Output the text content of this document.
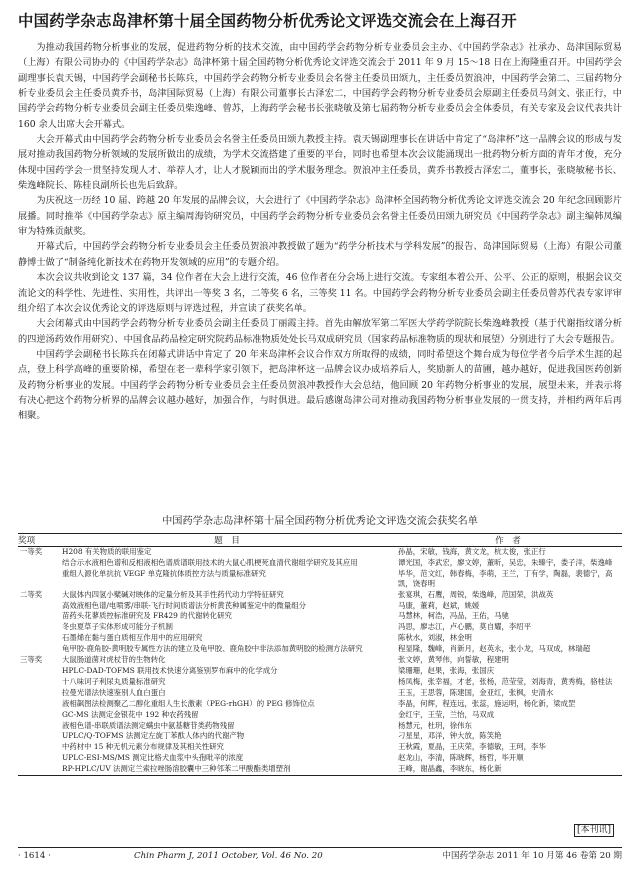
中国药学杂志岛津杯第十届全国药物分析优秀论文评选交流会在上海召开

为推动我国药物分析事业的发展，促进药物分析的技术交流，由中国药学会药物分析专业委员会主办、《中国药学杂志》社承办、岛津国际贸易（上海）有限公司协办的《中国药学杂志》岛津杯第十届全国药物分析优秀论文评选交流会于 2011 年 9 月 15～18 日在上海隆重召开。中国药学会副理事长袁天锡，中国药学会副秘书长陈兵，中国药学会药物分析专业委员会名誉主任委员田颂九，主任委员贺浪冲，中国药学会第二、三届药物分析专业委员会主任委员黄乔书，岛津国际贸易（上海）有限公司董事长古泽宏二，中国药学会药物分析专业委员会原副主任委员马剑文、张正行，中国药学会药物分析专业委员会副主任委员柴逸峰、曾苏，上海药学会秘书长张晓敏及第七届药物分析专业委员会全体委员，有关专家及会议代表共计 160 余人出席大会开幕式。

大会开幕式由中国药学会药物分析专业委员会名誉主任委员田颂九教授主持。袁天锡副理事长在讲话中肯定了“岛津杯”这一品牌会议的形成与发展对推动我国药物分析领域的发展所做出的成绩，为学术交流搭建了重要的平台，同时也希望本次会议能涌现出一批药物分析方面的青年才俊，充分体现中国药学会一贯坚持发现人才、举荐人才，让人才脱颖而出的学术服务理念。贺浪冲主任委员，黄乔书教授古泽宏二，董事长，张晓敏秘书长、柴逸峰院长、陈桂良副所长也先后致辞。

为庆祝这一历经 10 届、跨越 20 年发展的品牌会议，大会进行了《中国药学杂志》岛津杯全国药物分析优秀论文评选交流会 20 年纪念回顾影片展播。同时推举《中国药学杂志》原主编周海钧研究员，中国药学会药物分析专业委员会名誉主任委员田颂九研究员《中国药学杂志》副主编韩凤编审为特殊贡献奖。

开幕式后，中国药学会药物分析专业委员会主任委员贺浪冲教授做了题为“药学分析技术与学科发展”的报告、岛津国际贸易（上海）有限公司董静博士做了“制备纯化新技术在药物开发领域的应用”的专题介绍。

本次会议共收到论文 137 篇，34 位作者在大会上进行交流，46 位作者在分会场上进行交流。专家组本着公开、公平、公正的原则，根据会议交流论文的科学性、先进性、实用性，共评出一等奖 3 名，二等奖 6 名，三等奖 11 名。中国药学会药物分析专业委员会副主任委员曾苏代表专家评审组介绍了本次会议优秀论文的评选原则与评选过程，并宣读了获奖名单。

大会闭幕式由中国药学会药物分析专业委员会副主任委员丁丽霞主持。首先由解放军第二军医大学药学院院长柴逸峰教授（基于代谢指纹谱分析的四逆汤药效作用研究）、中国食品药品检定研究院药品标准物质处处长马双成研究员（国家药品标准物质的现状和展望）分别进行了大会专题报告。

中国药学会副秘书长陈兵在闭幕式讲话中肯定了 20 年来岛津杯会议合作双方所取得的成绩，同时希望这个舞台成为每位学者今后学术生涯的起点，登上科学高峰的重要阶梯，希望在老一辈科学家引领下，把岛津杯这一品牌会议办成培养后人，奖励新人的苗圃，越办越好，促进我国医药创新及药物分析事业的发展。中国药学会药物分析专业委员会主任委员贺浪冲教授作大会总结，他回顾 20 年药物分析事业的发展，展望未来，并表示将有决心把这个药物分析界的品牌会议越办越好，加强合作，与时俱进。最后感谢岛津公司对推动我国药物分析事业发展的一贯支持，并相约两年后再相聚。

中国药学杂志岛津杯第十届全国药物分析优秀论文评选交流会获奖名单

奖项	题　目	作　者
一等奖	H208 有关物质的联用鉴定	孙晶，宋敏，钱海，黄文龙，杭太俊，张正行
	结合示水液相色谱和反相液相色谱质谱联用技术的大鼠心肌梗死血清代谢组学研究及其应用	谭光国，李武宏，廖文婷，董昕，吴忠，朱臻宇，娄子洋，柴逸峰
	重组人源化单抗抗 VEGF 单克隆抗体质控方法与质量标准研究	毕华，范文红，韩春梅，李萌，王兰，丁有学，陶磊，裴德宁，高凯，饶春明
二等奖	大鼠体内四氢小檗碱对映体的定量分析及其手性药代动力学特征研究	张宴琪，石鹰，周锐，柴逸峰，范国荣，洪战英
	高效液相色谱/电喷雾/串联-飞行时间质谱法分析黄芪种属鉴定中的微量组分	马康，董莉，赵斌，姚媛
	苗药头花蓼质控标准研究及 FR429 的代谢转化研究	马慧林，柯浩，冯品，王佑，马驰
	冬虫夏草子实体形成可能分子机制	冯思，廖志江，卢心鹏，莫自耀，李绍平
	石墨烯在黏与蛋白质相互作用中的应用研究	陈秋水，刘淑，林金明
	龟甲胶-鹿角胶-黄明胶专属性方法的建立及龟甲胶、鹿角胶中非法添加黄明胶的检测方法研究	程显隆，魏峰，肖新月，赵英永，张小龙，马双成，林瑞超
三等奖	大鼠肠道菌对虎杖苷的生物转化	张文婷，黄琴伟，向誓敏，程建明
	HPLC-DAD-TOFMS 联用技术快速分离鉴别罗布麻中的化学成分	梁珊珊，赵果，张海，张国庆
	十八味诃子利尿丸质量标准研究	杨凤梅，张幸福，才老，张杨，范莹莹，刘海青，黄秀梅，骆桂法
	拉曼光谱法快速鉴别人血白蛋白	王玉，王思蓉，陈建国，金亚红，张枫，史清水
	液相飙图法检测聚乙二醇化重组人生长激素（PEG-rhGH）的 PEG 修饰位点	李晶，何辉，程连远，张蕊，施运明，杨化新，梁成罡
	GC-MS 法测定金银花中 192 种农药残留	金红宇，王莹，兰怡，马双成
	液相色谱-串联质谱法测定螨虫中氨基糖苷类药物残留	杨慧元，杜玥，徐伟东
	UPLC/Q-TOFMS 法测定左旋丁苯酞人体内的代谢产物	刁星星，邓洋，钟大放，陈笑艳
	中药材中 15 种无机元素分布规律及其相关性研究	王秋霞，夏晶，王庆荣，李德敏，王珂，李华
	UPLC-ESI-MS/MS 测定比格犬血浆中头孢吡辛的浓度	赵龙山，李清，陈晓辉，杨哲，毕开顺
	RP-HPLC/UV 法测定兰索拉唑肠溶胶囊中三种邻苯二甲酸酯类增塑剂	王峰，谢晶鑫，李晓东，杨化新
[本刊讯]
· 1614 ·	Chin Pharm J, 2011 October, Vol. 46 No. 20	中国药学杂志 2011 年 10 月第 46 卷第 20 期
